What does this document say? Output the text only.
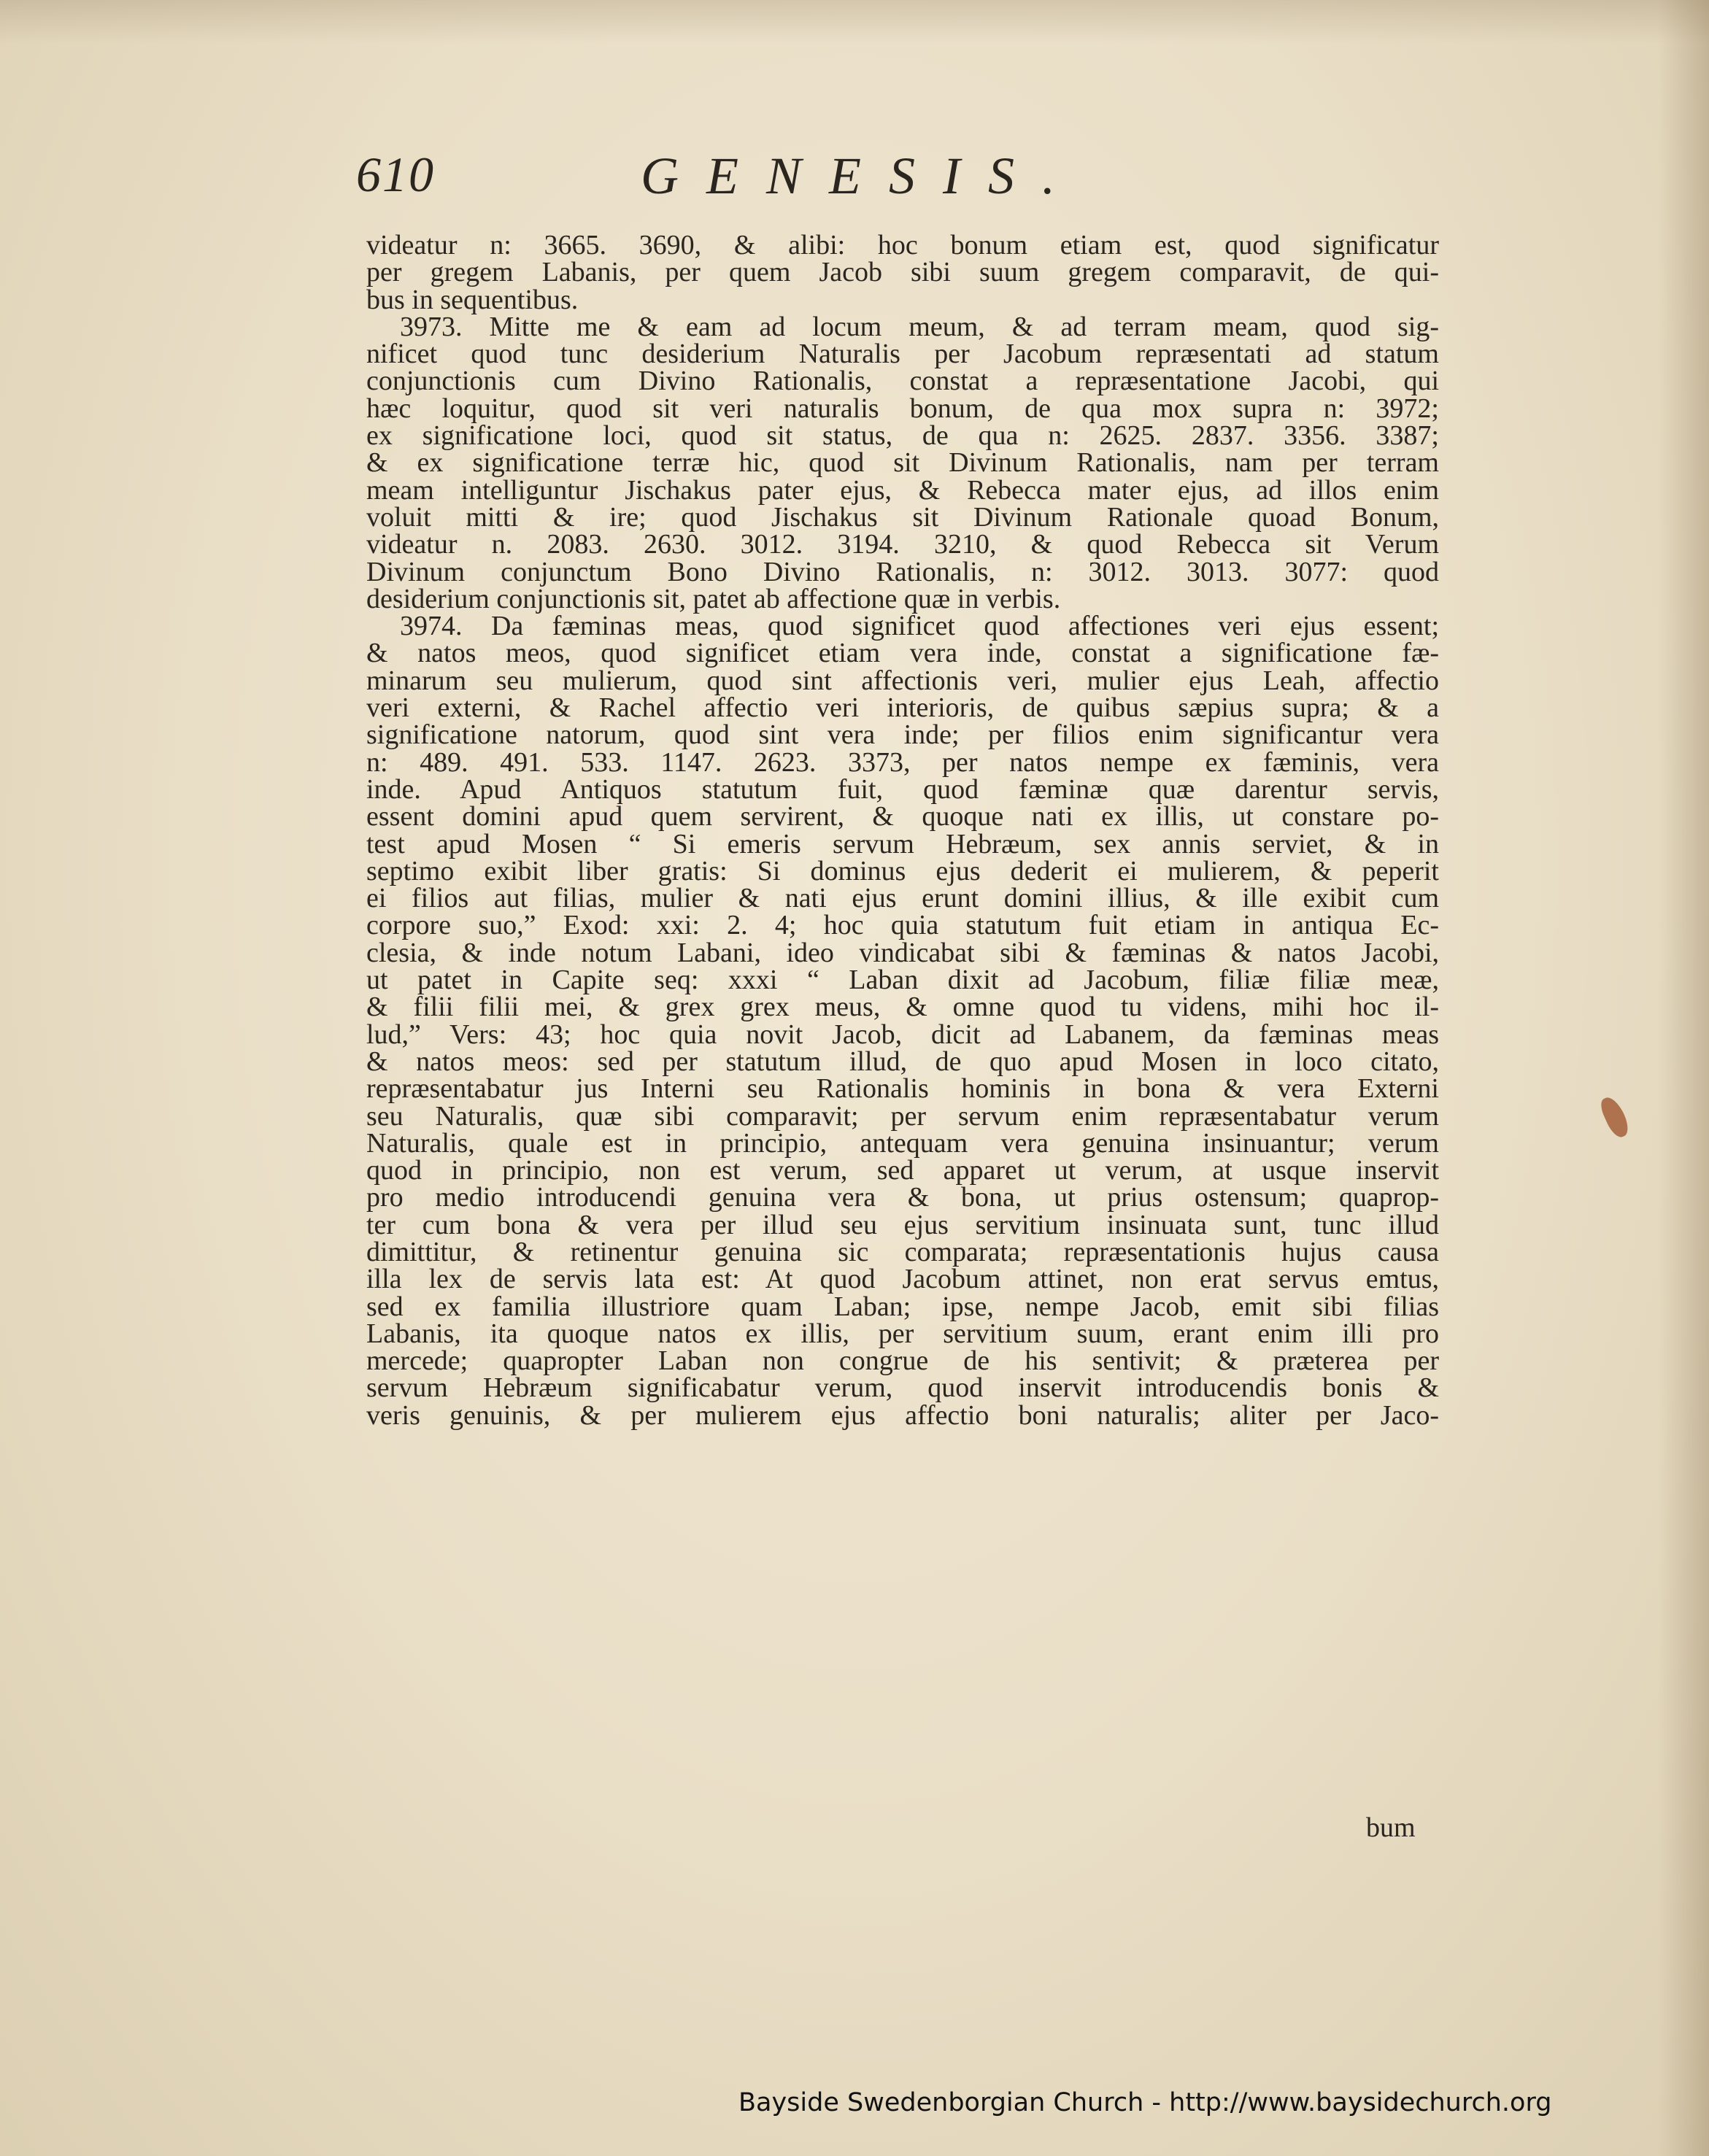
610	GENESIS.
videatur n: 3665. 3690, & alibi: hoc bonum etiam est, quod significatur
per gregem Labanis, per quem Jacob sibi suum gregem comparavit, de qui-
bus in sequentibus.
3973. Mitte me & eam ad locum meum, & ad terram meam, quod sig-
nificet quod tunc desiderium Naturalis per Jacobum repræsentati ad statum
conjunctionis cum Divino Rationalis, constat a repræsentatione Jacobi, qui
hæc loquitur, quod sit veri naturalis bonum, de qua mox supra n: 3972;
ex significatione loci, quod sit status, de qua n: 2625. 2837. 3356. 3387;
& ex significatione terræ hic, quod sit Divinum Rationalis, nam per terram
meam intelliguntur Jischakus pater ejus, & Rebecca mater ejus, ad illos enim
voluit mitti & ire; quod Jischakus sit Divinum Rationale quoad Bonum,
videatur n. 2083. 2630. 3012. 3194. 3210, & quod Rebecca sit Verum
Divinum conjunctum Bono Divino Rationalis, n: 3012. 3013. 3077: quod
desiderium conjunctionis sit, patet ab affectione quæ in verbis.
3974. Da fæminas meas, quod significet quod affectiones veri ejus essent;
& natos meos, quod significet etiam vera inde, constat a significatione fæ-
minarum seu mulierum, quod sint affectionis veri, mulier ejus Leah, affectio
veri externi, & Rachel affectio veri interioris, de quibus sæpius supra; & a
significatione natorum, quod sint vera inde; per filios enim significantur vera
n: 489. 491. 533. 1147. 2623. 3373, per natos nempe ex fæminis, vera
inde. Apud Antiquos statutum fuit, quod fæminæ quæ darentur servis,
essent domini apud quem servirent, & quoque nati ex illis, ut constare po-
test apud Mosen “ Si emeris servum Hebræum, sex annis serviet, & in
septimo exibit liber gratis: Si dominus ejus dederit ei mulierem, & peperit
ei filios aut filias, mulier & nati ejus erunt domini illius, & ille exibit cum
corpore suo,” Exod: xxi: 2. 4; hoc quia statutum fuit etiam in antiqua Ec-
clesia, & inde notum Labani, ideo vindicabat sibi & fæminas & natos Jacobi,
ut patet in Capite seq: xxxi “ Laban dixit ad Jacobum, filiæ filiæ meæ,
& filii filii mei, & grex grex meus, & omne quod tu videns, mihi hoc il-
lud,” Vers: 43; hoc quia novit Jacob, dicit ad Labanem, da fæminas meas
& natos meos: sed per statutum illud, de quo apud Mosen in loco citato,
repræsentabatur jus Interni seu Rationalis hominis in bona & vera Externi
seu Naturalis, quæ sibi comparavit; per servum enim repræsentabatur verum
Naturalis, quale est in principio, antequam vera genuina insinuantur; verum
quod in principio, non est verum, sed apparet ut verum, at usque inservit
pro medio introducendi genuina vera & bona, ut prius ostensum; quaprop-
ter cum bona & vera per illud seu ejus servitium insinuata sunt, tunc illud
dimittitur, & retinentur genuina sic comparata; repræsentationis hujus causa
illa lex de servis lata est: At quod Jacobum attinet, non erat servus emtus,
sed ex familia illustriore quam Laban; ipse, nempe Jacob, emit sibi filias
Labanis, ita quoque natos ex illis, per servitium suum, erant enim illi pro
mercede; quapropter Laban non congrue de his sentivit; & præterea per
servum Hebræum significabatur verum, quod inservit introducendis bonis &
veris genuinis, & per mulierem ejus affectio boni naturalis; aliter per Jaco-
bum
Bayside Swedenborgian Church - http://www.baysidechurch.org
